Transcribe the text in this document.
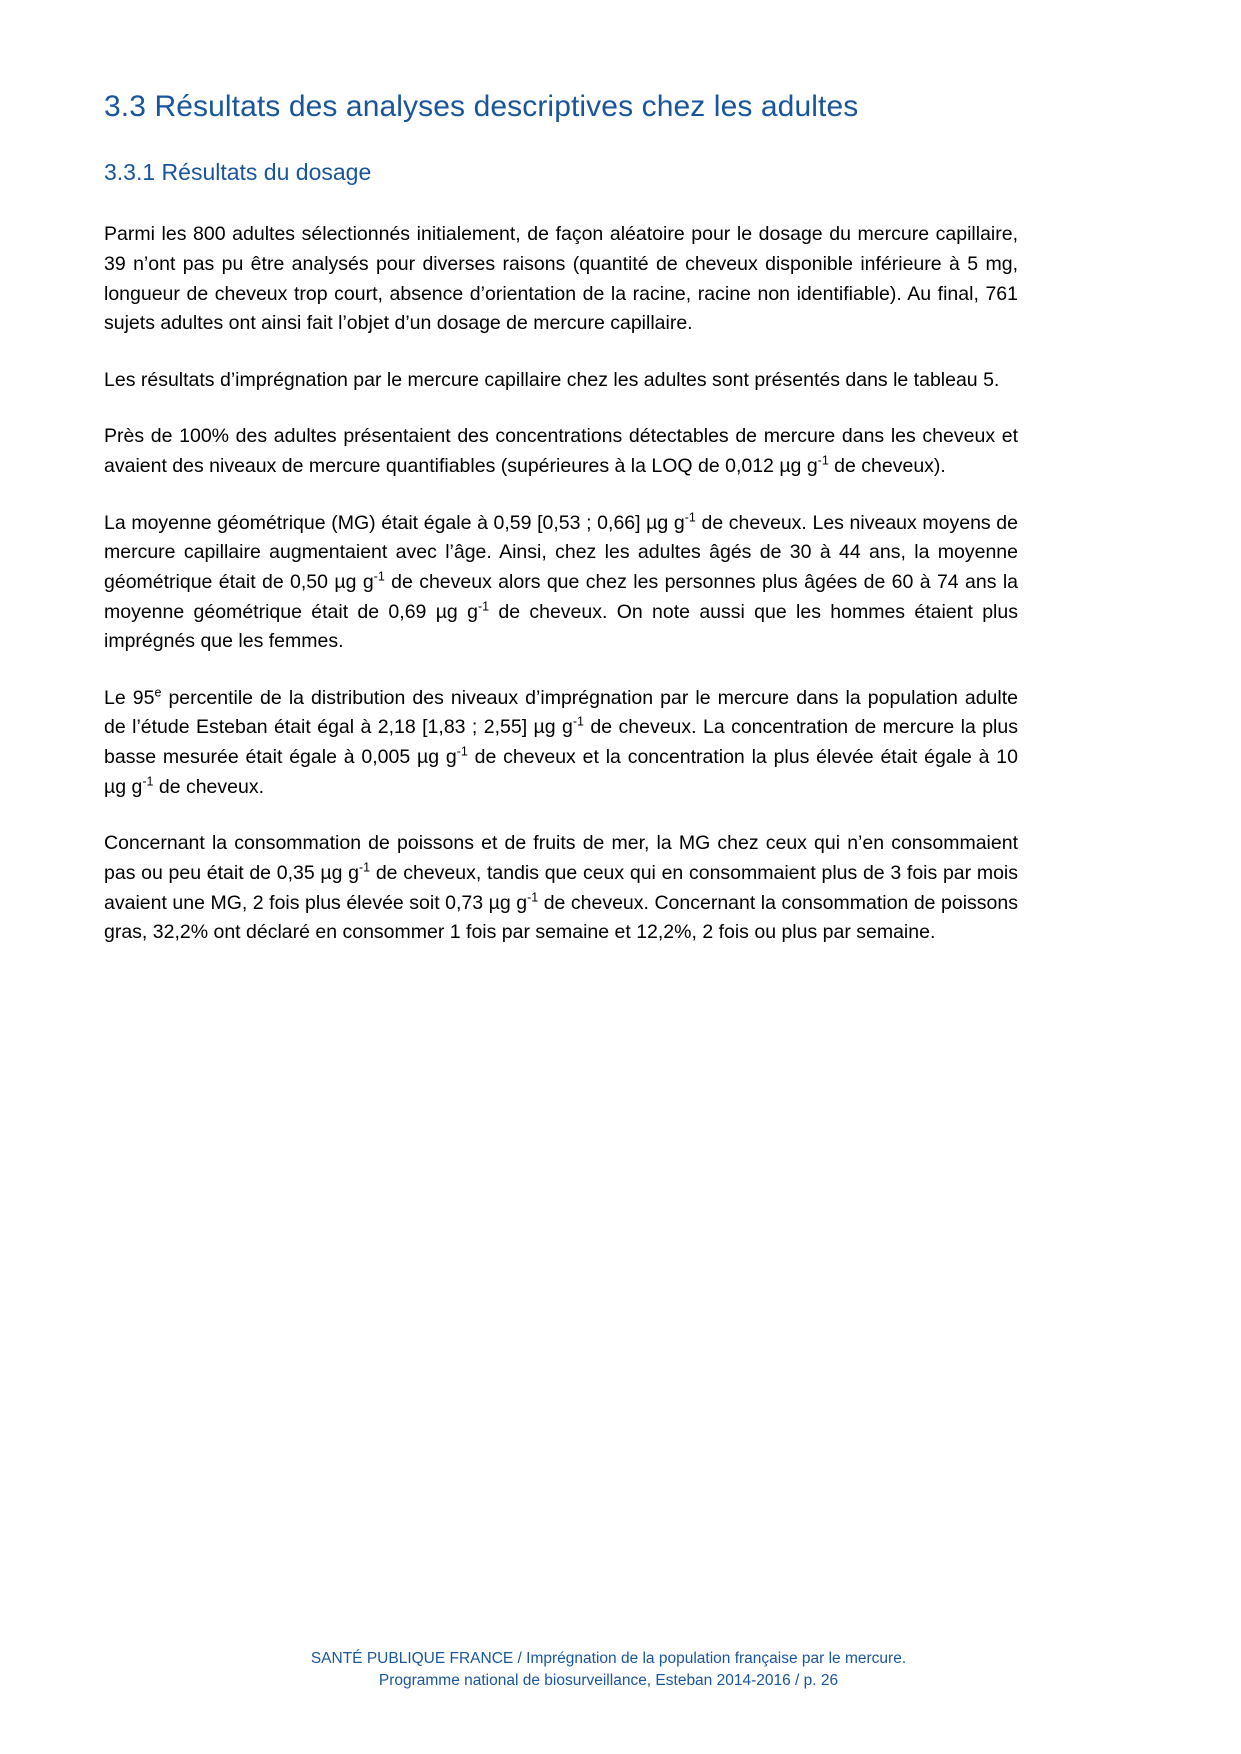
3.3 Résultats des analyses descriptives chez les adultes
3.3.1 Résultats du dosage

Parmi les 800 adultes sélectionnés initialement, de façon aléatoire pour le dosage du mercure capillaire, 39 n’ont pas pu être analysés pour diverses raisons (quantité de cheveux disponible inférieure à 5 mg, longueur de cheveux trop court, absence d’orientation de la racine, racine non identifiable). Au final, 761 sujets adultes ont ainsi fait l’objet d’un dosage de mercure capillaire.

Les résultats d’imprégnation par le mercure capillaire chez les adultes sont présentés dans le tableau 5.

Près de 100% des adultes présentaient des concentrations détectables de mercure dans les cheveux et avaient des niveaux de mercure quantifiables (supérieures à la LOQ de 0,012 µg $g^{-1}$ de cheveux).

La moyenne géométrique (MG) était égale à 0,59 [0,53 ; 0,66] µg $g^{-1}$ de cheveux. Les niveaux moyens de mercure capillaire augmentaient avec l’âge. Ainsi, chez les adultes âgés de 30 à 44 ans, la moyenne géométrique était de 0,50 µg $g^{-1}$ de cheveux alors que chez les personnes plus âgées de 60 à 74 ans la moyenne géométrique était de 0,69 µg $g^{-1}$ de cheveux. On note aussi que les hommes étaient plus imprégnés que les femmes.

Le 95e percentile de la distribution des niveaux d’imprégnation par le mercure dans la population adulte de l’étude Esteban était égal à 2,18 [1,83 ; 2,55] µg $g^{-1}$ de cheveux. La concentration de mercure la plus basse mesurée était égale à 0,005 µg $g^{-1}$ de cheveux et la concentration la plus élevée était égale à 10 µg $g^{-1}$ de cheveux.

Concernant la consommation de poissons et de fruits de mer, la MG chez ceux qui n’en consommaient pas ou peu était de 0,35 µg $g^{-1}$ de cheveux, tandis que ceux qui en consommaient plus de 3 fois par mois avaient une MG, 2 fois plus élevée soit 0,73 µg $g^{-1}$ de cheveux. Concernant la consommation de poissons gras, 32,2% ont déclaré en consommer 1 fois par semaine et 12,2%, 2 fois ou plus par semaine.

SANTÉ PUBLIQUE FRANCE / Imprégnation de la population française par le mercure.
Programme national de biosurveillance, Esteban 2014-2016 / p. 26
